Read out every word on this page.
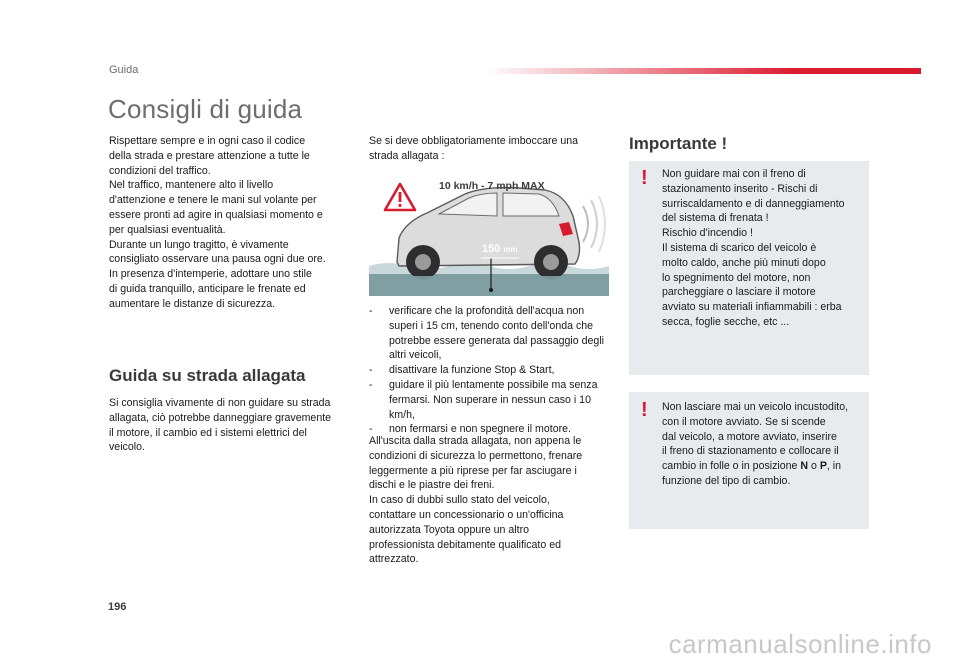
Guida
Consigli di guida
Rispettare sempre e in ogni caso il codice
della strada e prestare attenzione a tutte le
condizioni del traffico.
Nel traffico, mantenere alto il livello
d'attenzione e tenere le mani sul volante per
essere pronti ad agire in qualsiasi momento e
per qualsiasi eventualità.
Durante un lungo tragitto, è vivamente
consigliato osservare una pausa ogni due ore.
In presenza d'intemperie, adottare uno stile
di guida tranquillo, anticipare le frenate ed
aumentare le distanze di sicurezza.
Guida su strada allagata
Si consiglia vivamente di non guidare su strada
allagata, ciò potrebbe danneggiare gravemente
il motore, il cambio ed i sistemi elettrici del
veicolo.
Se si deve obbligatoriamente imboccare una
strada allagata :
10 km/h - 7 mph MAX
150 mm
- verificare che la profondità dell'acqua non superi i 15 cm, tenendo conto dell'onda che potrebbe essere generata dal passaggio degli altri veicoli,
- disattivare la funzione Stop & Start,
- guidare il più lentamente possibile ma senza fermarsi. Non superare in nessun caso i 10 km/h,
- non fermarsi e non spegnere il motore.
All'uscita dalla strada allagata, non appena le
condizioni di sicurezza lo permettono, frenare
leggermente a più riprese per far asciugare i
dischi e le piastre dei freni.
In caso di dubbi sullo stato del veicolo,
contattare un concessionario o un'officina
autorizzata Toyota oppure un altro
professionista debitamente qualificato ed
attrezzato.
Importante !
! Non guidare mai con il freno di
stazionamento inserito - Rischi di
surriscaldamento e di danneggiamento
del sistema di frenata !
Rischio d'incendio !
Il sistema di scarico del veicolo è
molto caldo, anche più minuti dopo
lo spegnimento del motore, non
parcheggiare o lasciare il motore
avviato su materiali infiammabili : erba
secca, foglie secche, etc ...
! Non lasciare mai un veicolo incustodito,
con il motore avviato. Se si scende
dal veicolo, a motore avviato, inserire
il freno di stazionamento e collocare il
cambio in folle o in posizione N o P, in
funzione del tipo di cambio.
196
carmanualsonline.info
